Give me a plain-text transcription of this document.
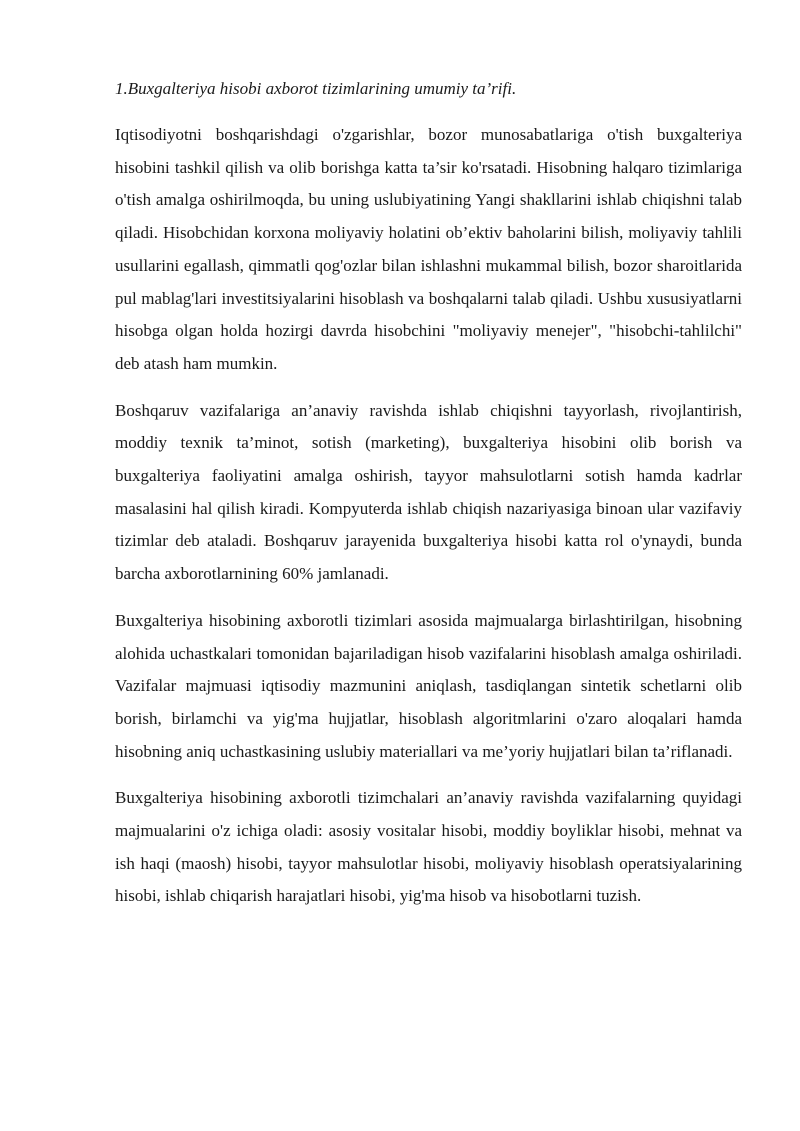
1.Buxgalteriya hisobi axborot tizimlarining umumiy ta’rifi.

Iqtisodiyotni boshqarishdagi o'zgarishlar, bozor munosabatlariga o'tish buxgalteriya hisobini tashkil qilish va olib borishga katta ta’sir ko'rsatadi. Hisobning halqaro tizimlariga o'tish amalga oshirilmoqda, bu uning uslubiyatining Yangi shakllarini ishlab chiqishni talab qiladi. Hisobchidan korxona moliyaviy holatini ob’ektiv baholarini bilish, moliyaviy tahlili usullarini egallash, qimmatli qog'ozlar bilan ishlashni mukammal bilish, bozor sharoitlarida pul mablag'lari investitsiyalarini hisoblash va boshqalarni talab qiladi. Ushbu xususiyatlarni hisobga olgan holda hozirgi davrda hisobchini "moliyaviy menejer", "hisobchi-tahlilchi" deb atash ham mumkin.

Boshqaruv vazifalariga an’anaviy ravishda ishlab chiqishni tayyorlash, rivojlantirish, moddiy texnik ta’minot, sotish (marketing), buxgalteriya hisobini olib borish va buxgalteriya faoliyatini amalga oshirish, tayyor mahsulotlarni sotish hamda kadrlar masalasini hal qilish kiradi. Kompyuterda ishlab chiqish nazariyasiga binoan ular vazifaviy tizimlar deb ataladi. Boshqaruv jarayenida buxgalteriya hisobi katta rol o'ynaydi, bunda barcha axborotlarnining 60% jamlanadi.

Buxgalteriya hisobining axborotli tizimlari asosida majmualarga birlashtirilgan, hisobning alohida uchastkalari tomonidan bajariladigan hisob vazifalarini hisoblash amalga oshiriladi. Vazifalar majmuasi iqtisodiy mazmunini aniqlash, tasdiqlangan sintetik schetlarni olib borish, birlamchi va yig'ma hujjatlar, hisoblash algoritmlarini o'zaro aloqalari hamda hisobning aniq uchastkasining uslubiy materiallari va me’yoriy hujjatlari bilan ta’riflanadi.

Buxgalteriya hisobining axborotli tizimchalari an’anaviy ravishda vazifalarning quyidagi majmualarini o'z ichiga oladi: asosiy vositalar hisobi, moddiy boyliklar hisobi, mehnat va ish haqi (maosh) hisobi, tayyor mahsulotlar hisobi, moliyaviy hisoblash operatsiyalarining hisobi, ishlab chiqarish harajatlari hisobi, yig'ma hisob va hisobotlarni tuzish.
